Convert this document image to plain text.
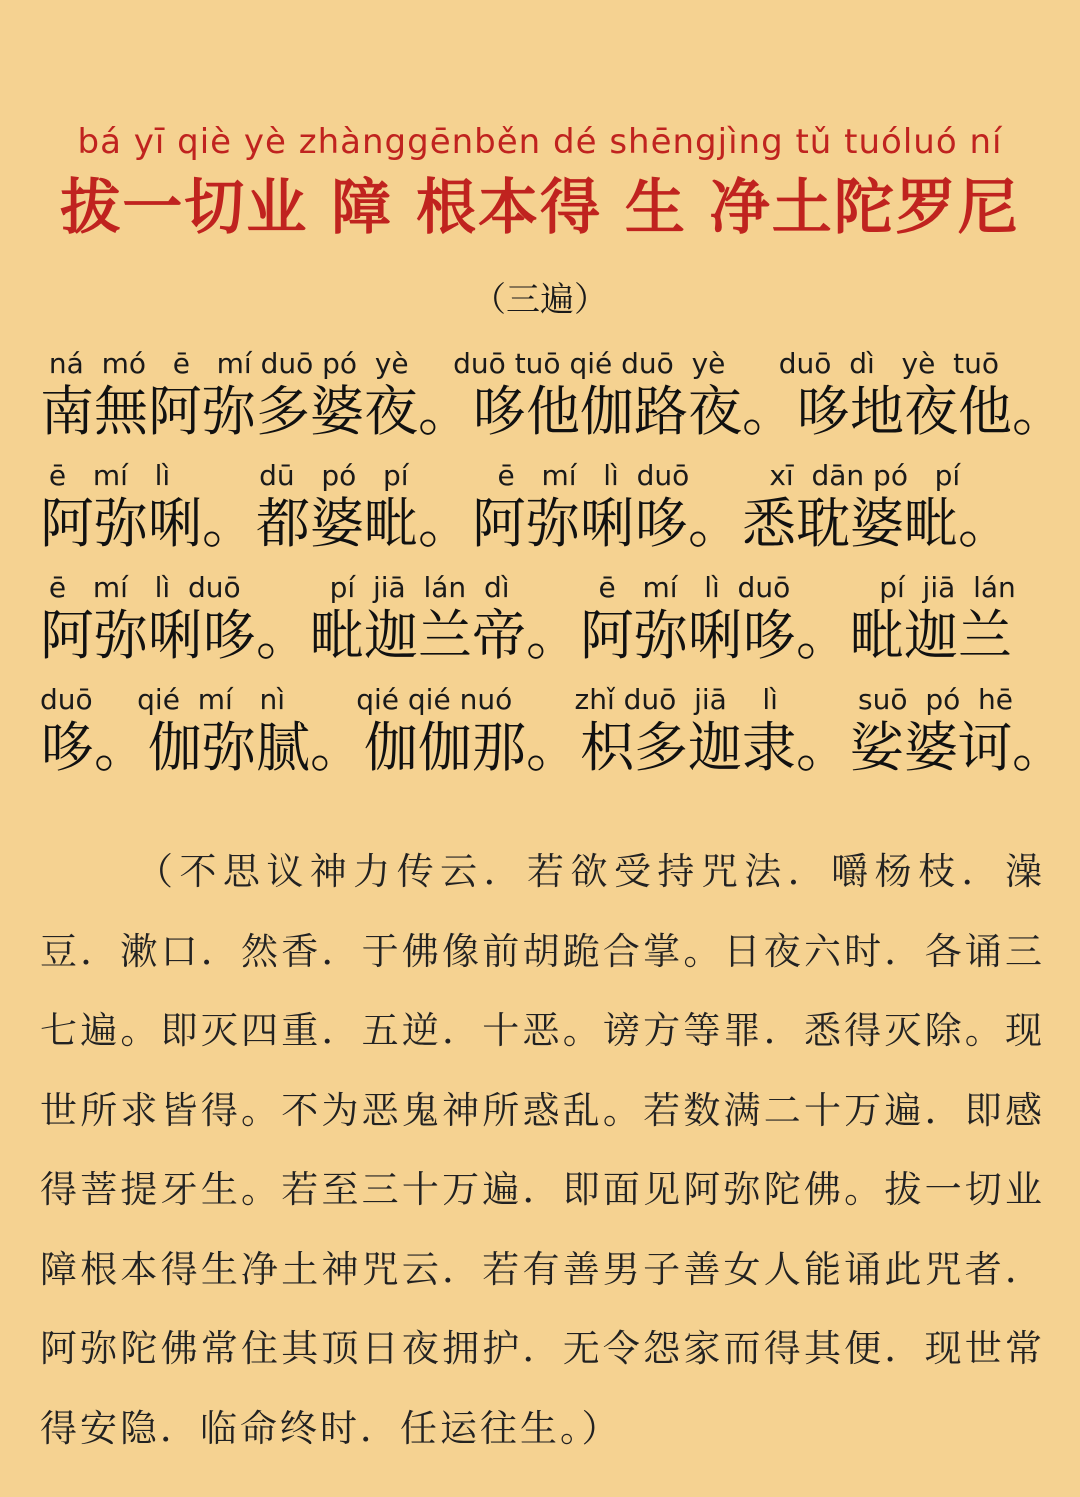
bá yī qiè yè zhànggēnběn dé shēngjìng tǔ tuóluó ní
拔一切业 障 根本得 生 净土陀罗尼
（三遍）
ná  mó   ē   mí duō pó  yè     duō tuō qié duō  yè      duō  dì   yè  tuō
南無阿弥多婆夜。哆他伽路夜。哆地夜他。
ē   mí   lì          dū   pó   pí          ē   mí   lì  duō         xī  dān pó   pí
阿弥唎。都婆毗。阿弥唎哆。悉耽婆毗。
ē   mí   lì  duō          pí  jiā  lán  dì          ē   mí   lì  duō          pí  jiā  lán
阿弥唎哆。毗迦兰帝。阿弥唎哆。毗迦兰
duō     qié  mí   nì        qié qié nuó       zhǐ duō  jiā    lì         suō  pó  hē
哆。伽弥腻。伽伽那。枳多迦隶。娑婆诃。
（不思议神力传云．若欲受持咒法．嚼杨枝．澡豆．漱口．然香．于佛像前胡跪合掌。日夜六时．各诵三七遍。即灭四重．五逆．十恶。谤方等罪．悉得灭除。现世所求皆得。不为恶鬼神所惑乱。若数满二十万遍．即感得菩提牙生。若至三十万遍．即面见阿弥陀佛。拔一切业障根本得生净土神咒云．若有善男子善女人能诵此咒者．阿弥陀佛常住其顶日夜拥护．无令怨家而得其便．现世常得安隐．临命终时．任运往生。）
